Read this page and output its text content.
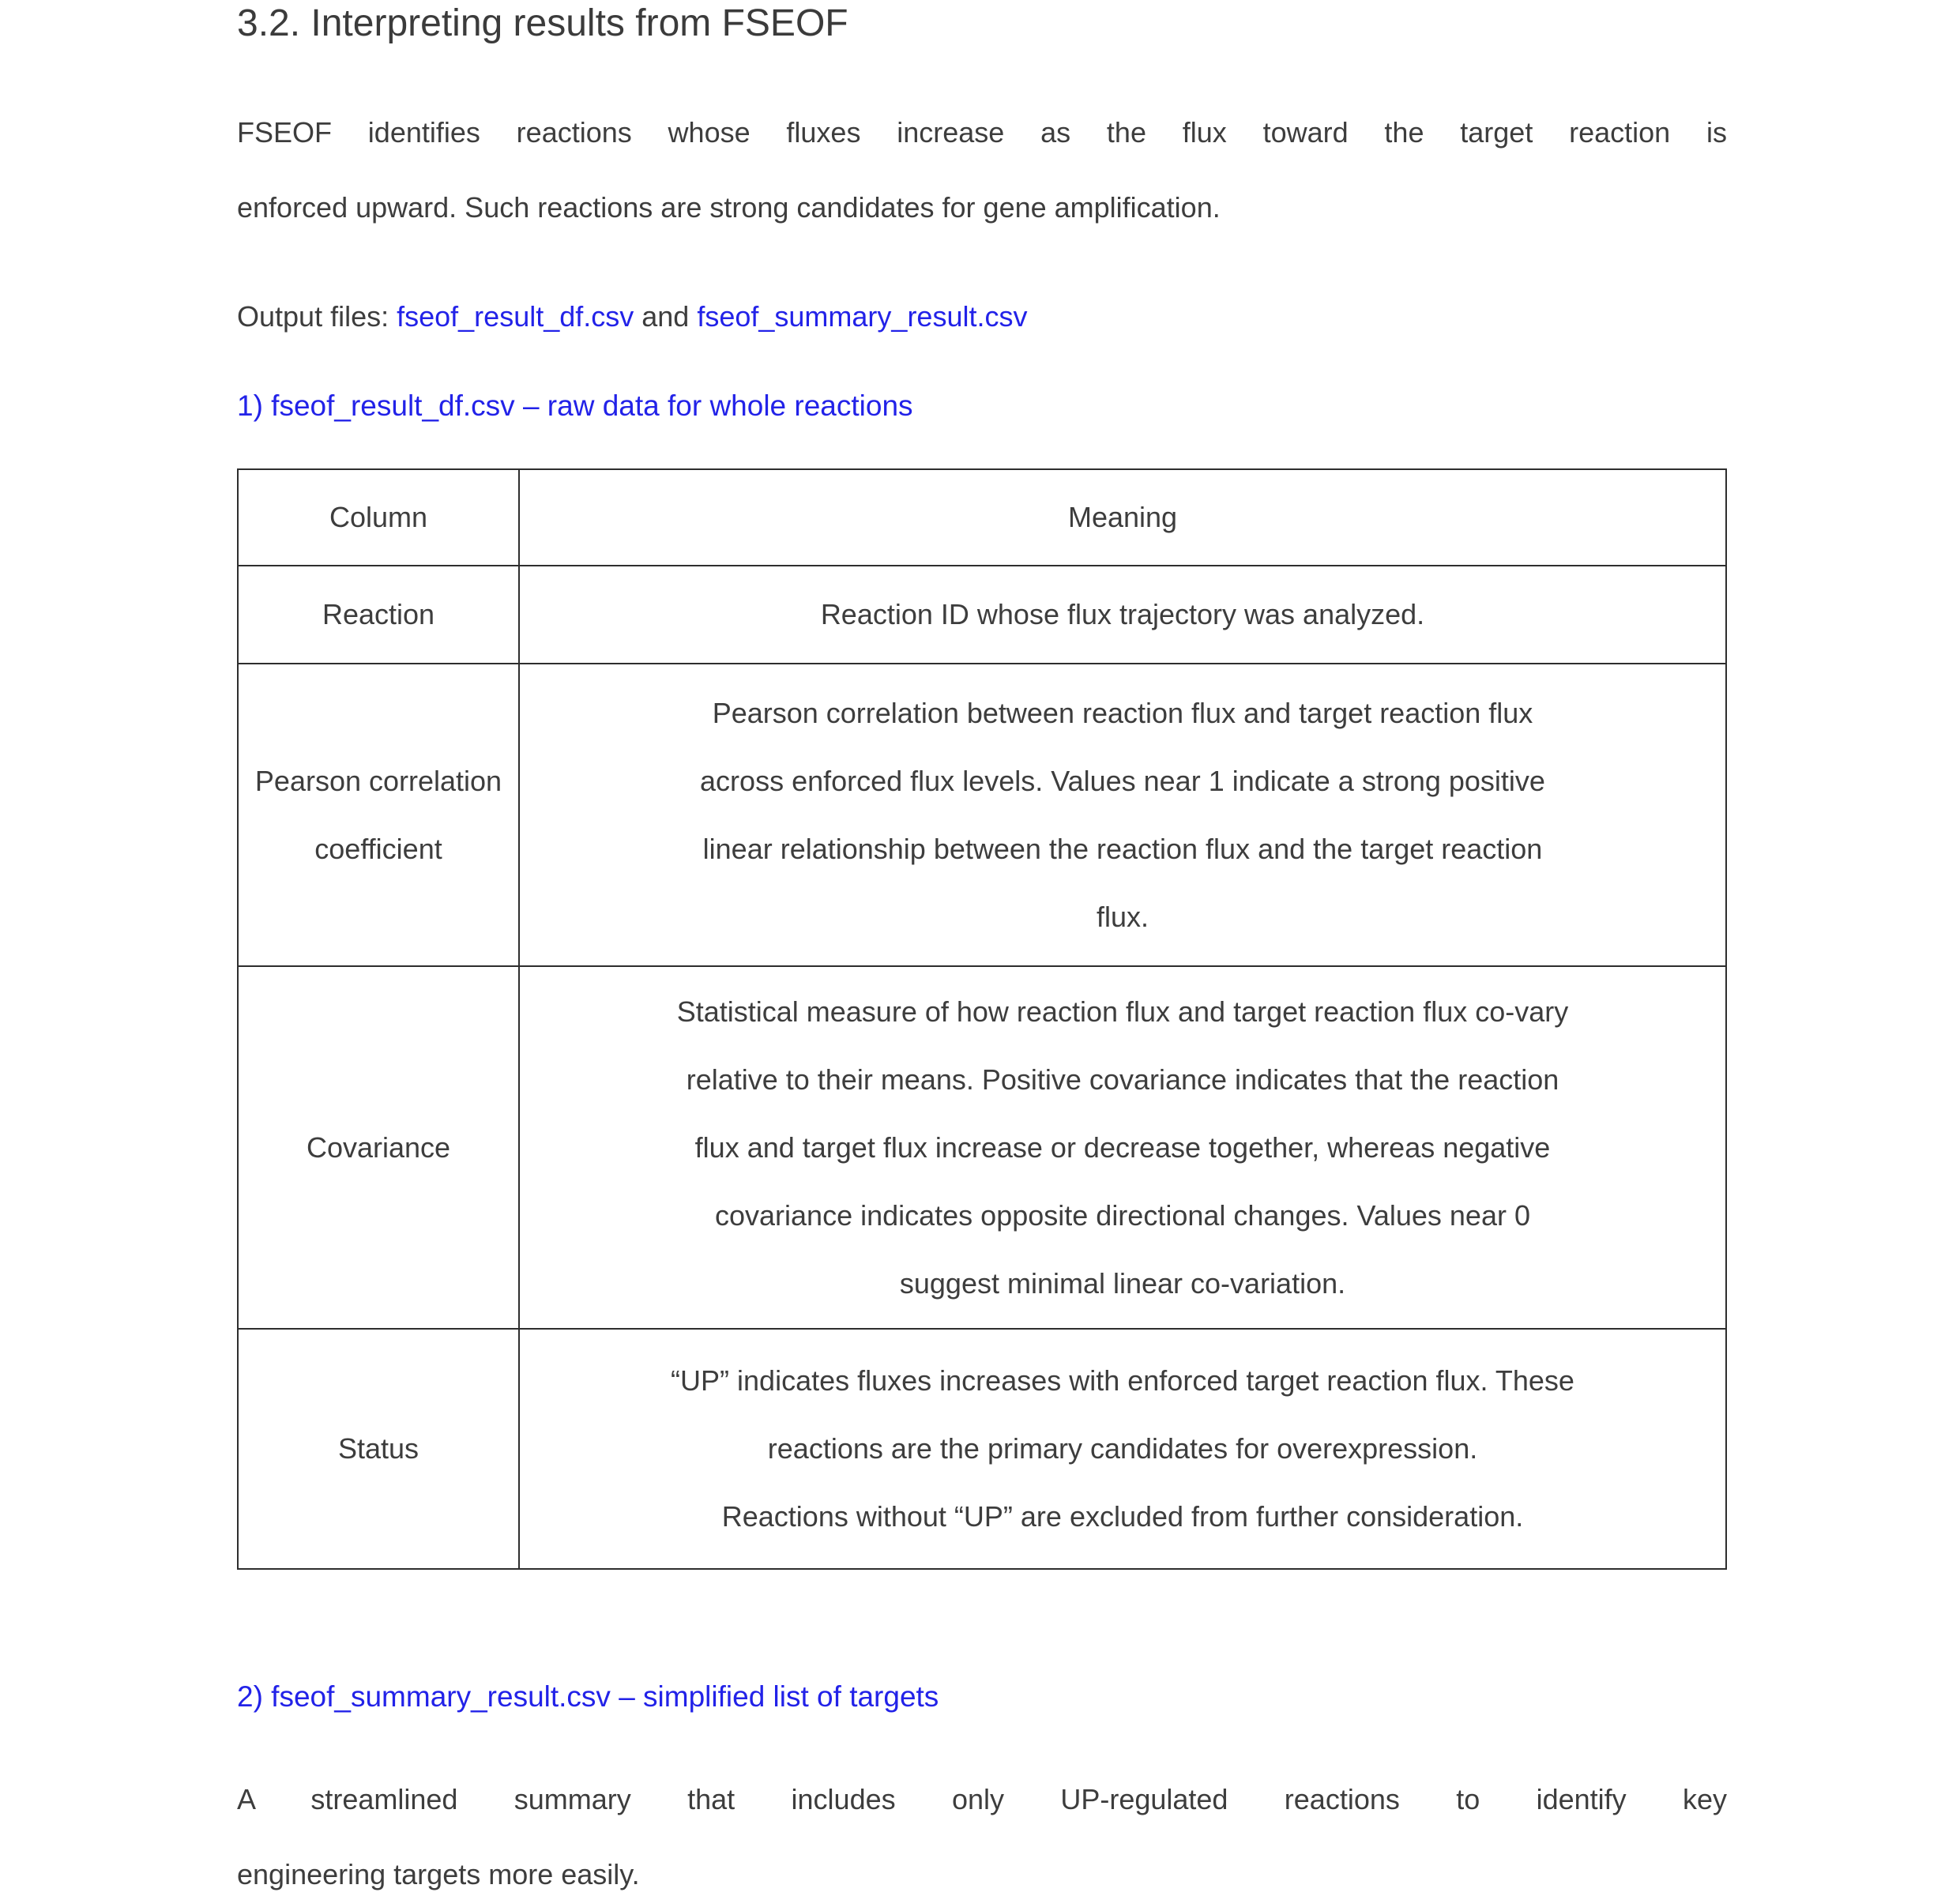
3.2. Interpreting results from FSEOF
FSEOF identifies reactions whose fluxes increase as the flux toward the target reaction is
enforced upward. Such reactions are strong candidates for gene amplification.
Output files: fseof_result_df.csv and fseof_summary_result.csv
1) fseof_result_df.csv – raw data for whole reactions
Column	Meaning
Reaction	Reaction ID whose flux trajectory was analyzed.

Pearson correlation coefficient	Pearson correlation between reaction flux and target reaction flux
across enforced flux levels. Values near 1 indicate a strong positive
linear relationship between the reaction flux and the target reaction
flux.

Covariance	Statistical measure of how reaction flux and target reaction flux co-vary
relative to their means. Positive covariance indicates that the reaction
flux and target flux increase or decrease together, whereas negative
covariance indicates opposite directional changes. Values near 0
suggest minimal linear co-variation.

Status	“UP” indicates fluxes increases with enforced target reaction flux. These
reactions are the primary candidates for overexpression.
Reactions without “UP” are excluded from further consideration.
2) fseof_summary_result.csv – simplified list of targets
A streamlined summary that includes only UP-regulated reactions to identify key
engineering targets more easily.
